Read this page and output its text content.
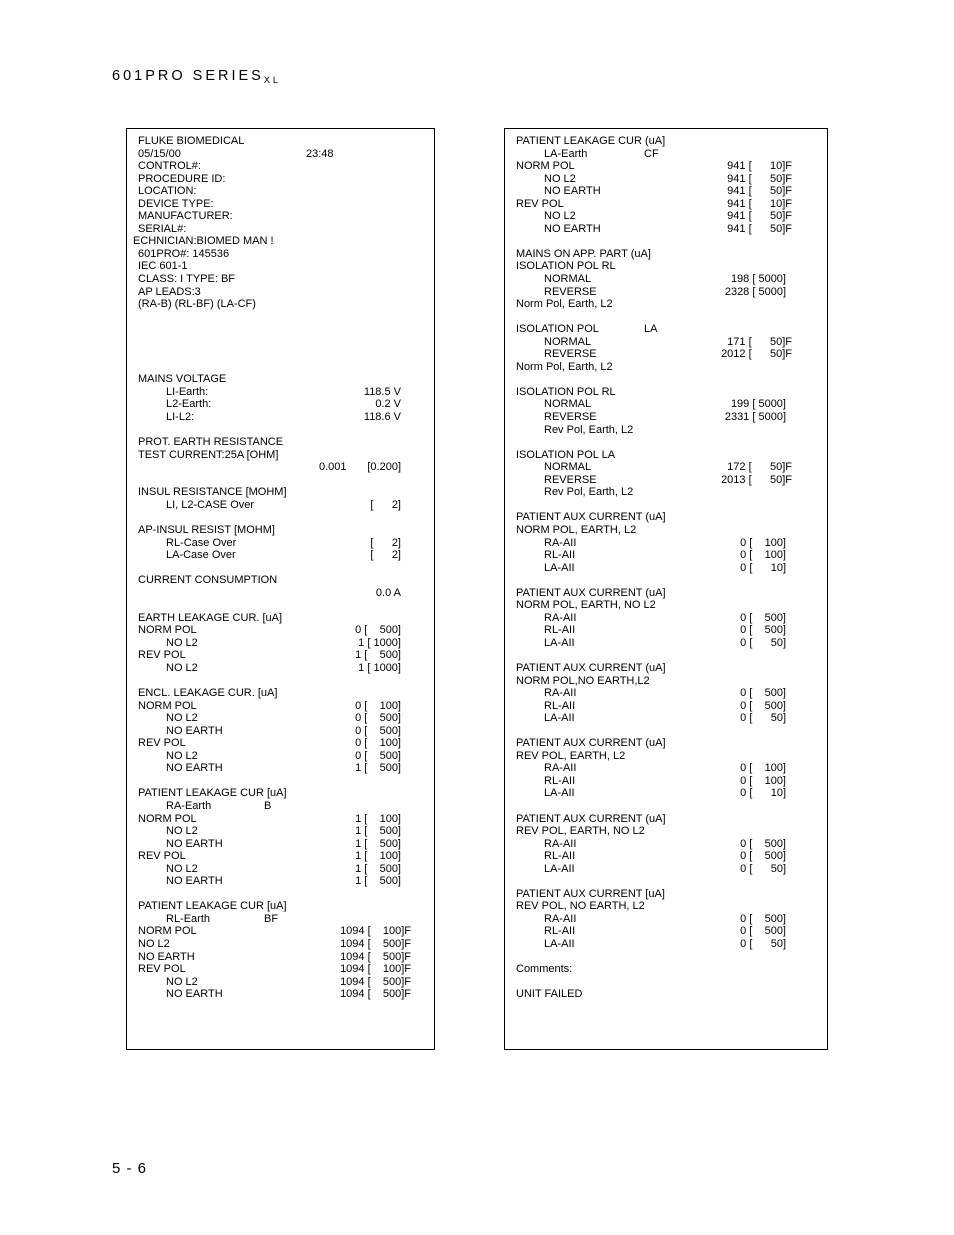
601PRO $SERIES_{XL}$
FLUKE BIOMEDICAL
05/15/00	23:48
CONTROL#:
PROCEDURE ID:
LOCATION:
DEVICE TYPE:
MANUFACTURER:
SERIAL#:
ECHNICIAN:BIOMED MAN !
601PRO#: 145536
IEC 601-1
CLASS: I TYPE: BF
AP LEADS:3
(RA-B) (RL-BF) (LA-CF)
MAINS VOLTAGE
LI-Earth:	118.5 V
L2-Earth:	0.2 V
LI-L2:	118.6 V
PROT. EARTH RESISTANCE
TEST CURRENT:25A [OHM]
0.001 [0.200]
INSUL RESISTANCE [MOHM]
LI, L2-CASE Over	[      2]
AP-INSUL RESIST [MOHM]
RL-Case Over	[      2]
LA-Case Over	[      2]
CURRENT CONSUMPTION
0.0 A
EARTH LEAKAGE CUR. [uA]
NORM POL	0 [    500]
NO L2	1 [ 1000]
REV POL	1 [    500]
NO L2	1 [ 1000]
ENCL. LEAKAGE CUR. [uA]
NORM POL	0 [    100]
NO L2	0 [    500]
NO EARTH	0 [    500]
REV POL	0 [    100]
NO L2	0 [    500]
NO EARTH	1 [    500]
PATIENT LEAKAGE CUR [uA]
RA-Earth	B
NORM POL	1 [    100]
NO L2	1 [    500]
NO EARTH	1 [    500]
REV POL	1 [    100]
NO L2	1 [    500]
NO EARTH	1 [    500]
PATIENT LEAKAGE CUR [uA]
RL-Earth	BF
NORM POL	1094 [    100]F
NO L2	1094 [    500]F
NO EARTH	1094 [    500]F
REV POL	1094 [    100]F
NO L2	1094 [    500]F
NO EARTH	1094 [    500]F
PATIENT LEAKAGE CUR (uA]
LA-Earth	CF
NORM POL	941 [      10]F
NO L2	941 [      50]F
NO EARTH	941 [      50]F
REV POL	941 [      10]F
NO L2	941 [      50]F
NO EARTH	941 [      50]F
MAINS ON APP. PART (uA]
ISOLATION POL RL
NORMAL	198 [ 5000]
REVERSE	2328 [ 5000]
Norm Pol, Earth, L2
ISOLATION POL	LA
NORMAL	171 [      50]F
REVERSE	2012 [      50]F
Norm Pol, Earth, L2
ISOLATION POL RL
NORMAL	199 [ 5000]
REVERSE	2331 [ 5000]
Rev Pol, Earth, L2
ISOLATION POL LA
NORMAL	172 [      50]F
REVERSE	2013 [      50]F
Rev Pol, Earth, L2
PATIENT AUX CURRENT (uA]
NORM POL, EARTH, L2
RA-AII	0 [    100]
RL-AII	0 [    100]
LA-AII	0 [      10]
PATIENT AUX CURRENT (uA]
NORM POL, EARTH, NO L2
RA-AII	0 [    500]
RL-AII	0 [    500]
LA-AII	0 [      50]
PATIENT AUX CURRENT (uA]
NORM POL,NO EARTH,L2
RA-AII	0 [    500]
RL-AII	0 [    500]
LA-AII	0 [      50]
PATIENT AUX CURRENT (uA]
REV POL, EARTH, L2
RA-AII	0 [    100]
RL-AII	0 [    100]
LA-AII	0 [      10]
PATIENT AUX CURRENT (uA]
REV POL, EARTH, NO L2
RA-AII	0 [    500]
RL-AII	0 [    500]
LA-AII	0 [      50]
PATIENT AUX CURRENT [uA]
REV POL, NO EARTH, L2
RA-AII	0 [    500]
RL-AII	0 [    500]
LA-AII	0 [      50]
Comments:
UNIT FAILED
5 - 6
